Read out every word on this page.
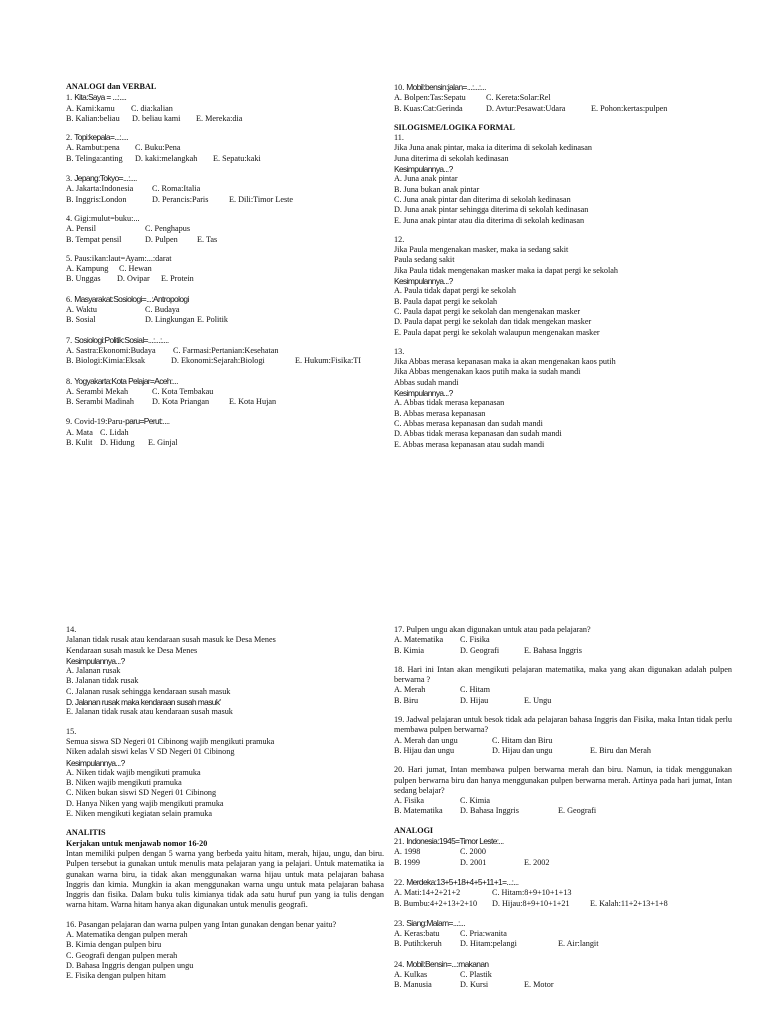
ANALOGI dan VERBAL
1. Kita:Saya = ...:....
A. Kami:kamu C. dia:kalian
B. Kalian:beliau D. beliau kami E. Mereka:dia
2. Topi:kepala=...:....
A. Rambut:pena C. Buku:Pena
B. Telinga:anting D. kaki:melangkah E. Sepatu:kaki
3. Jepang:Tokyo=...:....
A. Jakarta:Indonesia C. Roma:Italia
B. Inggris:London	D. Perancis:Paris	E. Dili:Timor Leste
4. Gigi:mulut=buku:...
A. Pensil	C. Penghapus
B. Tempat pensil	D. Pulpen E. Tas
5. Paus:ikan:laut=Ayam:...:darat
A. Kampung C. Hewan
B. Unggas D. Ovipar E. Protein
6. Masyarakat:Sosiologi=...:Antropologi
A. Waktu	C. Budaya
B. Sosial	D. Lingkungan E. Politik
7. Sosiologi:Politik:Sosial=...:...:....
A. Sastra:Ekonomi:Budaya C. Farmasi:Pertanian:Kesehatan
B. Biologi:Kimia:Eksak	D. Ekonomi:Sejarah:Biologi	E. Hukum:Fisika:TI
8. Yogyakarta:Kota Pelajar=Aceh:...
A. Serambi Mekah	C. Kota Tembakau
B. Serambi Madinah D. Kota Priangan E. Kota Hujan
9. Covid-19:Paru-paru=Perut:....
A. Mata C. Lidah
B. Kulit D. Hidung E. Ginjal
10. Mobil:bensin:jalan=...:...:...
A. Bolpen:Tas:Sepatu C. Kereta:Solar:Rel
B. Kuas:Cat:Gerinda	D. Avtur:Pesawat:Udara	E. Pohon:kertas:pulpen
SILOGISME/LOGIKA FORMAL
11.
Jika Juna anak pintar, maka ia diterima di sekolah kedinasan
Juna diterima di sekolah kedinasan
Kesimpulannya...?
A. Juna anak pintar
B. Juna bukan anak pintar
C. Juna anak pintar dan diterima di sekolah kedinasan
D. Juna anak pintar sehingga diterima di sekolah kedinasan
E. Juna anak pintar atau dia diterima di sekolah kedinasan
12.
Jika Paula mengenakan masker, maka ia sedang sakit
Paula sedang sakit
Jika Paula tidak mengenakan masker maka ia dapat pergi ke sekolah
Kesimpulannya...?
A. Paula tidak dapat pergi ke sekolah
B. Paula dapat pergi ke sekolah
C. Paula dapat pergi ke sekolah dan mengenakan masker
D. Paula dapat pergi ke sekolah dan tidak mengekan masker
E. Paula dapat pergi ke sekolah walaupun mengenakan masker
13.
Jika Abbas merasa kepanasan maka ia akan mengenakan kaos putih
Jika Abbas mengenakan kaos putih maka ia sudah mandi
Abbas sudah mandi
Kesimpulannya...?
A. Abbas tidak merasa kepanasan
B. Abbas merasa kepanasan
C. Abbas merasa kepanasan dan sudah mandi
D. Abbas tidak merasa kepanasan dan sudah mandi
E. Abbas merasa kepanasan atau sudah mandi
14.
Jalanan tidak rusak atau kendaraan susah masuk ke Desa Menes
Kendaraan susah masuk ke Desa Menes
Kesimpulannya...?
A. Jalanan rusak
B. Jalanan tidak rusak
C. Jalanan rusak sehingga kendaraan susah masuk
D. Jalanan rusak maka kendaraan susah masuk'
E. Jalanan tidak rusak atau kendaraan susah masuk
15.
Semua siswa SD Negeri 01 Cibinong wajib mengikuti pramuka
Niken adalah siswi kelas V SD Negeri 01 Cibinong
Kesimpulannya...?
A. Niken tidak wajib mengikuti pramuka
B. Niken wajib mengikuti pramuka
C. Niken bukan siswi SD Negeri 01 Cibinong
D. Hanya Niken yang wajib mengikuti pramuka
E. Niken mengikuti kegiatan selain pramuka
ANALITIS
Kerjakan untuk menjawab nomor 16-20
Intan memiliki pulpen dengan 5 warna yang berbeda yaitu hitam, merah, hijau, ungu, dan biru. Pulpen tersebut ia gunakan untuk menulis mata pelajaran yang ia pelajari. Untuk matematika ia gunakan warna biru, ia tidak akan menggunakan warna hijau untuk mata pelajaran bahasa Inggris dan kimia. Mungkin ia akan menggunakan warna ungu untuk mata pelajaran bahasa Inggris dan fisika. Dalam buku tulis kimianya tidak ada satu huruf pun yang ia tulis dengan warna hitam. Warna hitam hanya akan digunakan untuk menulis geografi.
16. Pasangan pelajaran dan warna pulpen yang Intan gunakan dengan benar yaitu?
A. Matematika dengan pulpen merah
B. Kimia dengan pulpen biru
C. Geografi dengan pulpen merah
D. Bahasa Inggris dengan pulpen ungu
E. Fisika dengan pulpen hitam
17. Pulpen ungu akan digunakan untuk atau pada pelajaran?
A. Matematika C. Fisika
B. Kimia	D. Geografi	E. Bahasa Inggris
18. Hari ini Intan akan mengikuti pelajaran matematika, maka yang akan digunakan adalah pulpen berwarna ?
A. Merah	C. Hitam
B. Biru	D. Hijau	E. Ungu
19. Jadwal pelajaran untuk besok tidak ada pelajaran bahasa Inggris dan Fisika, maka Intan tidak perlu membawa pulpen berwarna?
A. Merah dan ungu	C. Hitam dan Biru
B. Hijau dan ungu	D. Hijau dan ungu	E. Biru dan Merah
20. Hari jumat, Intan membawa pulpen berwarna merah dan biru. Namun, ia tidak menggunakan pulpen berwarna biru dan hanya menggunakan pulpen berwarna merah. Artinya pada hari jumat, Intan sedang belajar?
A. Fisika	C. Kimia
B. Matematika D. Bahasa Inggris	E. Geografi
ANALOGI
21. Indonesia:1945=Timor Leste:...
A. 1998	C. 2000
B. 1999	D. 2001	E. 2002
22. Merdeka:13+5+18+4+5+11+1=...:...
A. Mati:14+2+21+2	C. Hitam:8+9+10+1+13
B. Bumbu:4+2+13+2+10 D. Hijau:8+9+10+1+21 E. Kalah:11+2+13+1+8
23. Siang:Malam=...:...
A. Keras:batu	C. Pria:wanita
B. Putih:keruh D. Hitam:pelangi	E. Air:langit
24. Mobil:Bensin=...:makanan
A. Kulkas	C. Plastik
B. Manusia	D. Kursi	E. Motor
